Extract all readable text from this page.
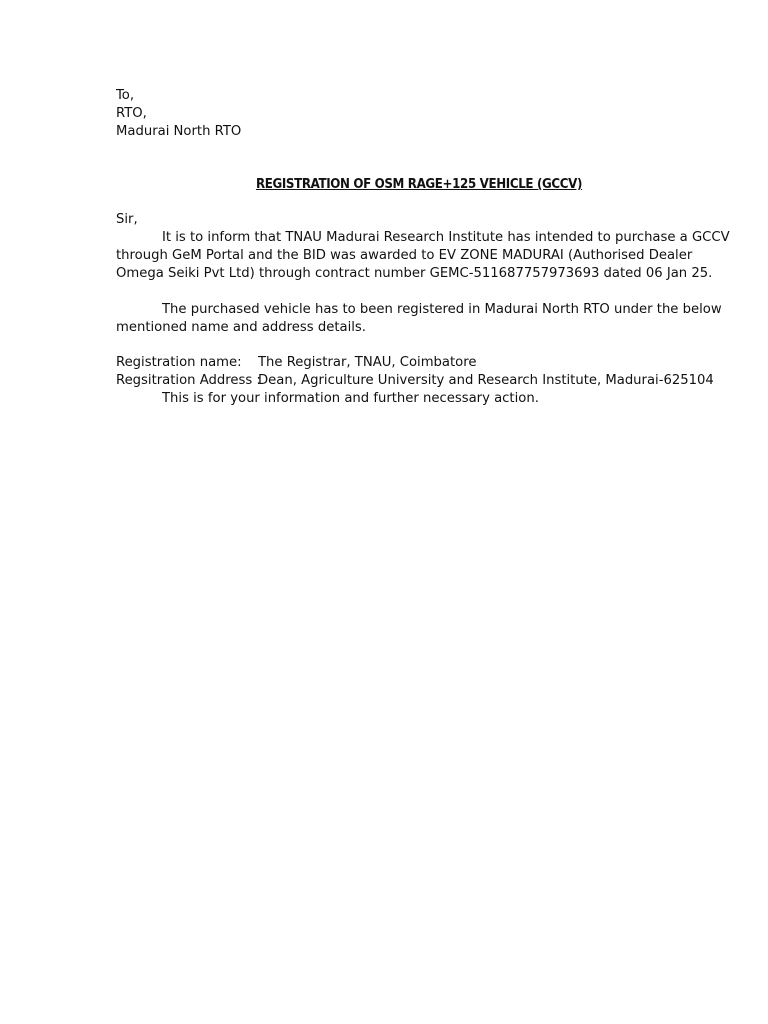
To,
RTO,
Madurai North RTO
REGISTRATION OF OSM RAGE+125 VEHICLE (GCCV)
Sir,
It is to inform that TNAU Madurai Research Institute has intended to purchase a GCCV
through GeM Portal and the BID was awarded to EV ZONE MADURAI (Authorised Dealer
Omega Seiki Pvt Ltd) through contract number GEMC-511687757973693 dated 06 Jan 25.
The purchased vehicle has to been registered in Madurai North RTO under the below
mentioned name and address details.
Registration name: The Registrar, TNAU, Coimbatore
Regsitration Address :
Dean, Agriculture University and Research Institute, Madurai-625104
This is for your information and further necessary action.
